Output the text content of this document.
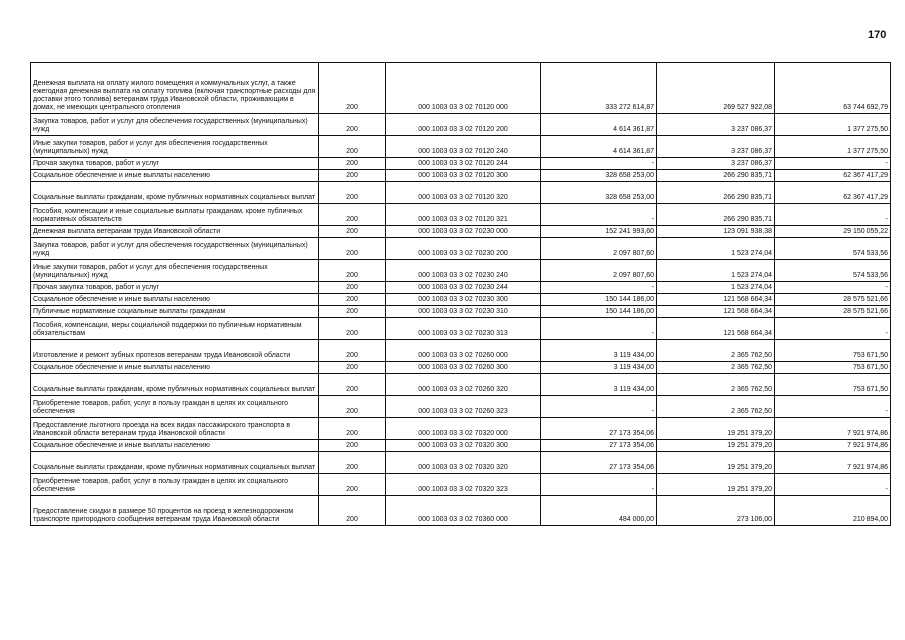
170
Денежная выплата на оплату жилого помещения и коммунальных услуг, а также ежегодная денежная выплата на оплату топлива (включая транспортные расходы для доставки этого топлива) ветеранам труда Ивановской области, проживающим в домах, не имеющих центрального отопления	200	000 1003 03 3 02 70120 000	333 272 614,87	269 527 922,08	63 744 692,79
Закупка товаров, работ и услуг для обеспечения государственных (муниципальных) нужд	200	000 1003 03 3 02 70120 200	4 614 361,87	3 237 086,37	1 377 275,50
Иные закупки товаров, работ и услуг для обеспечения государственных (муниципальных) нужд	200	000 1003 03 3 02 70120 240	4 614 361,87	3 237 086,37	1 377 275,50
Прочая закупка товаров, работ и услуг	200	000 1003 03 3 02 70120 244	-	3 237 086,37	-
Социальное обеспечение и иные выплаты населению	200	000 1003 03 3 02 70120 300	328 658 253,00	266 290 835,71	62 367 417,29
Социальные выплаты гражданам, кроме публичных нормативных социальных выплат	200	000 1003 03 3 02 70120 320	328 658 253,00	266 290 835,71	62 367 417,29
Пособия, компенсации и иные социальные выплаты гражданам, кроме публичных нормативных обязательств	200	000 1003 03 3 02 70120 321	-	266 290 835,71	-
Денежная выплата ветеранам труда Ивановской области	200	000 1003 03 3 02 70230 000	152 241 993,60	123 091 938,38	29 150 055,22
Закупка товаров, работ и услуг для обеспечения государственных (муниципальных) нужд	200	000 1003 03 3 02 70230 200	2 097 807,60	1 523 274,04	574 533,56
Иные закупки товаров, работ и услуг для обеспечения государственных (муниципальных) нужд	200	000 1003 03 3 02 70230 240	2 097 807,60	1 523 274,04	574 533,56
Прочая закупка товаров, работ и услуг	200	000 1003 03 3 02 70230 244	-	1 523 274,04	-
Социальное обеспечение и иные выплаты населению	200	000 1003 03 3 02 70230 300	150 144 186,00	121 568 664,34	28 575 521,66
Публичные нормативные социальные выплаты гражданам	200	000 1003 03 3 02 70230 310	150 144 186,00	121 568 664,34	28 575 521,66
Пособия, компенсации, меры социальной поддержки по публичным нормативным обязательствам	200	000 1003 03 3 02 70230 313	-	121 568 664,34	-
Изготовление и ремонт зубных протезов ветеранам труда Ивановской области	200	000 1003 03 3 02 70260 000	3 119 434,00	2 365 762,50	753 671,50
Социальное обеспечение и иные выплаты населению	200	000 1003 03 3 02 70260 300	3 119 434,00	2 365 762,50	753 671,50
Социальные выплаты гражданам, кроме публичных нормативных социальных выплат	200	000 1003 03 3 02 70260 320	3 119 434,00	2 365 762,50	753 671,50
Приобретение товаров, работ, услуг в пользу граждан в целях их социального обеспечения	200	000 1003 03 3 02 70260 323	-	2 365 762,50	-
Предоставление льготного проезда на всех видах пассажирского транспорта в Ивановской области ветеранам труда Ивановской области	200	000 1003 03 3 02 70320 000	27 173 354,06	19 251 379,20	7 921 974,86
Социальное обеспечение и иные выплаты населению	200	000 1003 03 3 02 70320 300	27 173 354,06	19 251 379,20	7 921 974,86
Социальные выплаты гражданам, кроме публичных нормативных социальных выплат	200	000 1003 03 3 02 70320 320	27 173 354,06	19 251 379,20	7 921 974,86
Приобретение товаров, работ, услуг в пользу граждан в целях их социального обеспечения	200	000 1003 03 3 02 70320 323	-	19 251 379,20	-
Предоставление скидки в размере 50 процентов на проезд в железнодорожном транспорте пригородного сообщения ветеранам труда Ивановской области	200	000 1003 03 3 02 70360 000	484 000,00	273 106,00	210 894,00
